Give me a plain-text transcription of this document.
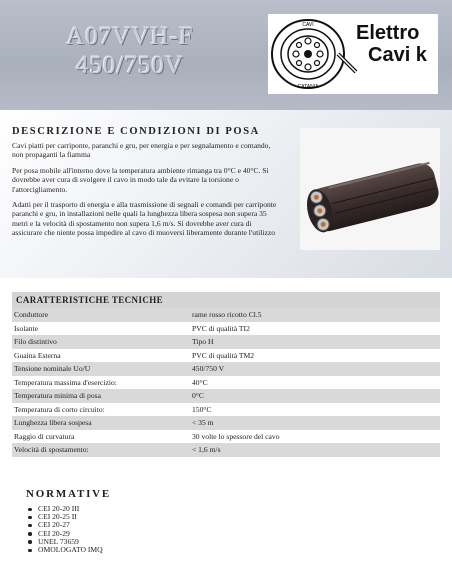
A07VVH-F
450/750V
CAVI
CATANIA
Elettro
Cavi k
DESCRIZIONE E CONDIZIONI DI POSA

Cavi piatti per carriponte, paranchi e gru, per energia e per segnalamento e comando, non propaganti la fiamma

Per posa mobile all'interno dove la temperatura ambiente rimanga tra 0°C e 40°C. Si dovrebbe aver cura di svolgere il cavo in modo tale da evitare la torsione o l'attorcigliamento.

Adatti per il trasporto di energia e alla trasmissione di segnali e comandi per carriponte paranchi e gru, in installazioni nelle quali la lunghezza libera sospesa non supera 35 metri e la velocità di spostamento non supera 1,6 m/s. Si dovrebbe aver cura di assicurare che niente possa impedire al cavo di muoversi liberamente durante l'utilizzo

CARATTERISTICHE TECNICHE
Conduttore	rame rosso ricotto Cl.5
Isolante	PVC di qualità TI2
Filo distintivo	Tipo H
Guaina Esterna	PVC di qualità TM2
Tensione nominale Uo/U	450/750 V
Temperatura massima d'esercizio:	40°C
Temperatura minima di posa	0°C
Temperatura di corto circuito:	150°C
Lunghezza libera sospesa	< 35 m
Raggio di curvatura	30 volte lo spessore del cavo
Velocità di spostamento:	< 1,6 m/s
NORMATIVE
CEI 20-20 III
CEI 20-25 II
CEI 20-27
CEI 20-29
UNEL 73659
OMOLOGATO IMQ
